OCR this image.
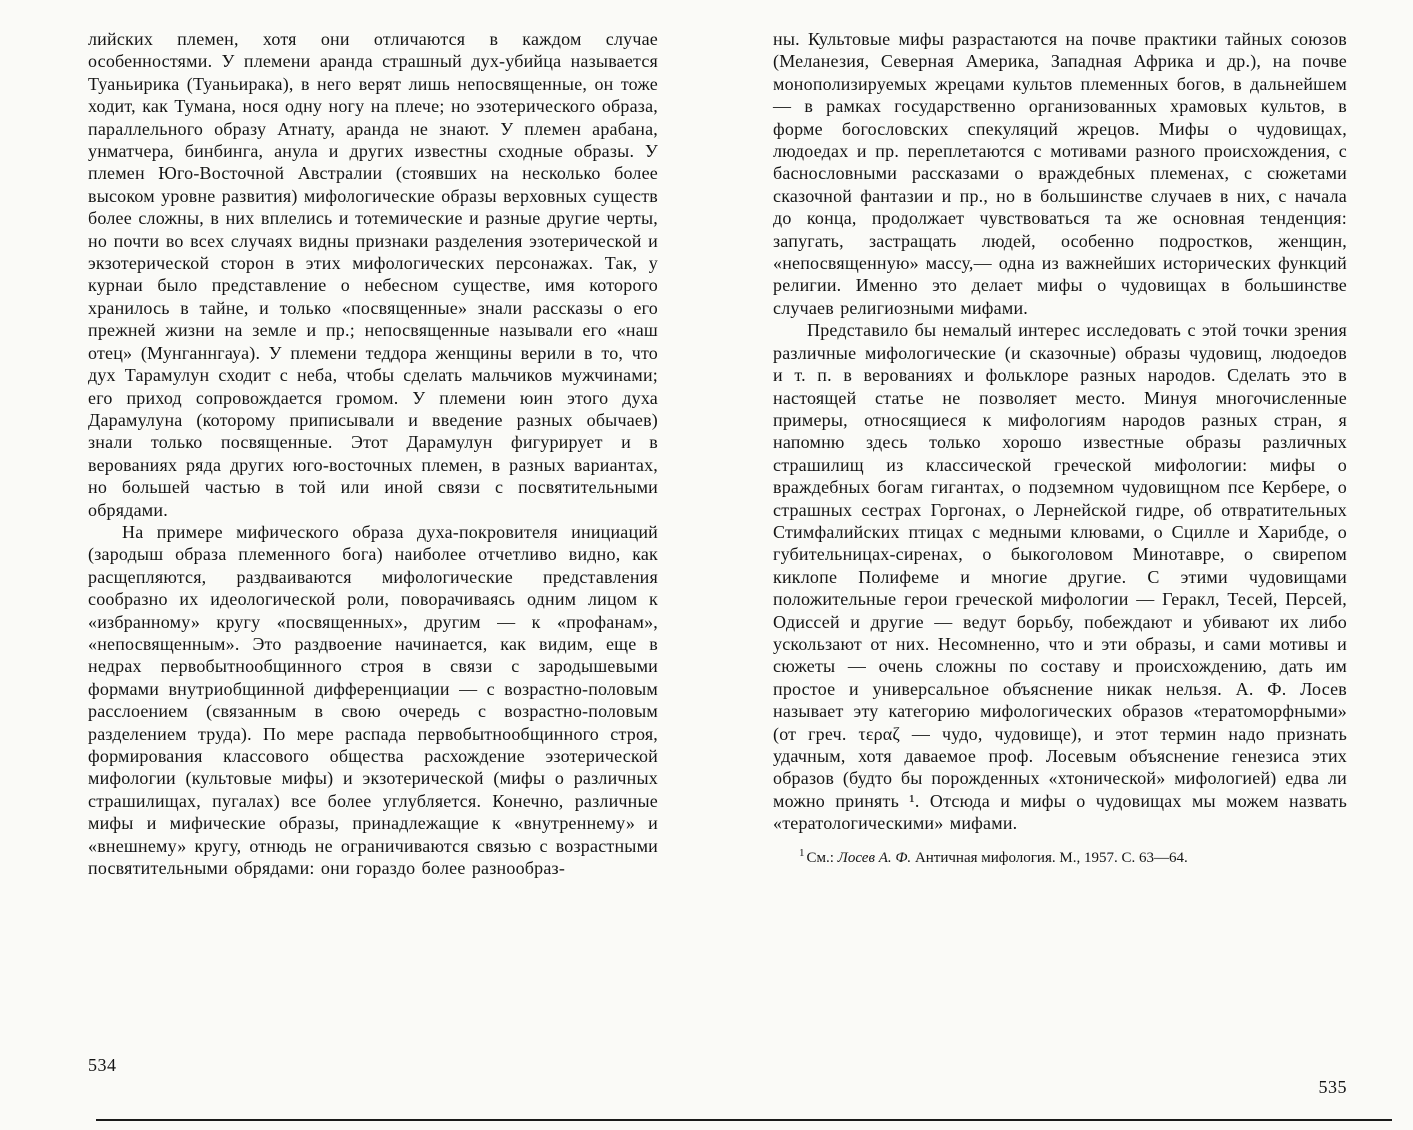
лийских племен, хотя они отличаются в каждом случае особенностями. У племени аранда страшный дух-убийца называется Туаньирика (Туаньирака), в него верят лишь непосвященные, он тоже ходит, как Тумана, нося одну ногу на плече; но эзотерического образа, параллельного образу Атнату, аранда не знают. У племен арабана, унматчера, бинбинга, анула и других известны сходные образы. У племен Юго-Восточной Австралии (стоявших на несколько более высоком уровне развития) мифологические образы верховных существ более сложны, в них вплелись и тотемические и разные другие черты, но почти во всех случаях видны признаки разделения эзотерической и экзотерической сторон в этих мифологических персонажах. Так, у курнаи было представление о небесном существе, имя которого хранилось в тайне, и только «посвященные» знали рассказы о его прежней жизни на земле и пр.; непосвященные называли его «наш отец» (Мунганнгауа). У племени теддора женщины верили в то, что дух Тарамулун сходит с неба, чтобы сделать мальчиков мужчинами; его приход сопровождается громом. У племени юин этого духа Дарамулуна (которому приписывали и введение разных обычаев) знали только посвященные. Этот Дарамулун фигурирует и в верованиях ряда других юго-восточных племен, в разных вариантах, но большей частью в той или иной связи с посвятительными обрядами.

На примере мифического образа духа-покровителя инициаций (зародыш образа племенного бога) наиболее отчетливо видно, как расщепляются, раздваиваются мифологические представления сообразно их идеологической роли, поворачиваясь одним лицом к «избранному» кругу «посвященных», другим — к «профанам», «непосвященным». Это раздвоение начинается, как видим, еще в недрах первобытнообщинного строя в связи с зародышевыми формами внутриобщинной дифференциации — с возрастно-половым расслоением (связанным в свою очередь с возрастно-половым разделением труда). По мере распада первобытнообщинного строя, формирования классового общества расхождение эзотерической мифологии (культовые мифы) и экзотерической (мифы о различных страшилищах, пугалах) все более углубляется. Конечно, различные мифы и мифические образы, принадлежащие к «внутреннему» и «внешнему» кругу, отнюдь не ограничиваются связью с возрастными посвятительными обрядами: они гораздо более разнообраз-

534

ны. Культовые мифы разрастаются на почве практики тайных союзов (Меланезия, Северная Америка, Западная Африка и др.), на почве монополизируемых жрецами культов племенных богов, в дальнейшем — в рамках государственно организованных храмовых культов, в форме богословских спекуляций жрецов. Мифы о чудовищах, людоедах и пр. переплетаются с мотивами разного происхождения, с баснословными рассказами о враждебных племенах, с сюжетами сказочной фантазии и пр., но в большинстве случаев в них, с начала до конца, продолжает чувствоваться та же основная тенденция: запугать, застращать людей, особенно подростков, женщин, «непосвященную» массу,— одна из важнейших исторических функций религии. Именно это делает мифы о чудовищах в большинстве случаев религиозными мифами.

Представило бы немалый интерес исследовать с этой точки зрения различные мифологические (и сказочные) образы чудовищ, людоедов и т. п. в верованиях и фольклоре разных народов. Сделать это в настоящей статье не позволяет место. Минуя многочисленные примеры, относящиеся к мифологиям народов разных стран, я напомню здесь только хорошо известные образы различных страшилищ из классической греческой мифологии: мифы о враждебных богам гигантах, о подземном чудовищном псе Кербере, о страшных сестрах Горгонах, о Лернейской гидре, об отвратительных Стимфалийских птицах с медными клювами, о Сцилле и Харибде, о губительницах-сиренах, о быкоголовом Минотавре, о свирепом киклопе Полифеме и многие другие. С этими чудовищами положительные герои греческой мифологии — Геракл, Тесей, Персей, Одиссей и другие — ведут борьбу, побеждают и убивают их либо ускользают от них. Несомненно, что и эти образы, и сами мотивы и сюжеты — очень сложны по составу и происхождению, дать им простое и универсальное объяснение никак нельзя. А. Ф. Лосев называет эту категорию мифологических образов «тератоморфными» (от греч. τεραζ — чудо, чудовище), и этот термин надо признать удачным, хотя даваемое проф. Лосевым объяснение генезиса этих образов (будто бы порожденных «хтонической» мифологией) едва ли можно принять ¹. Отсюда и мифы о чудовищах мы можем назвать «тератологическими» мифами.

$^1$ См.: Лосев А. Ф. Античная мифология. М., 1957. С. 63—64.
535
